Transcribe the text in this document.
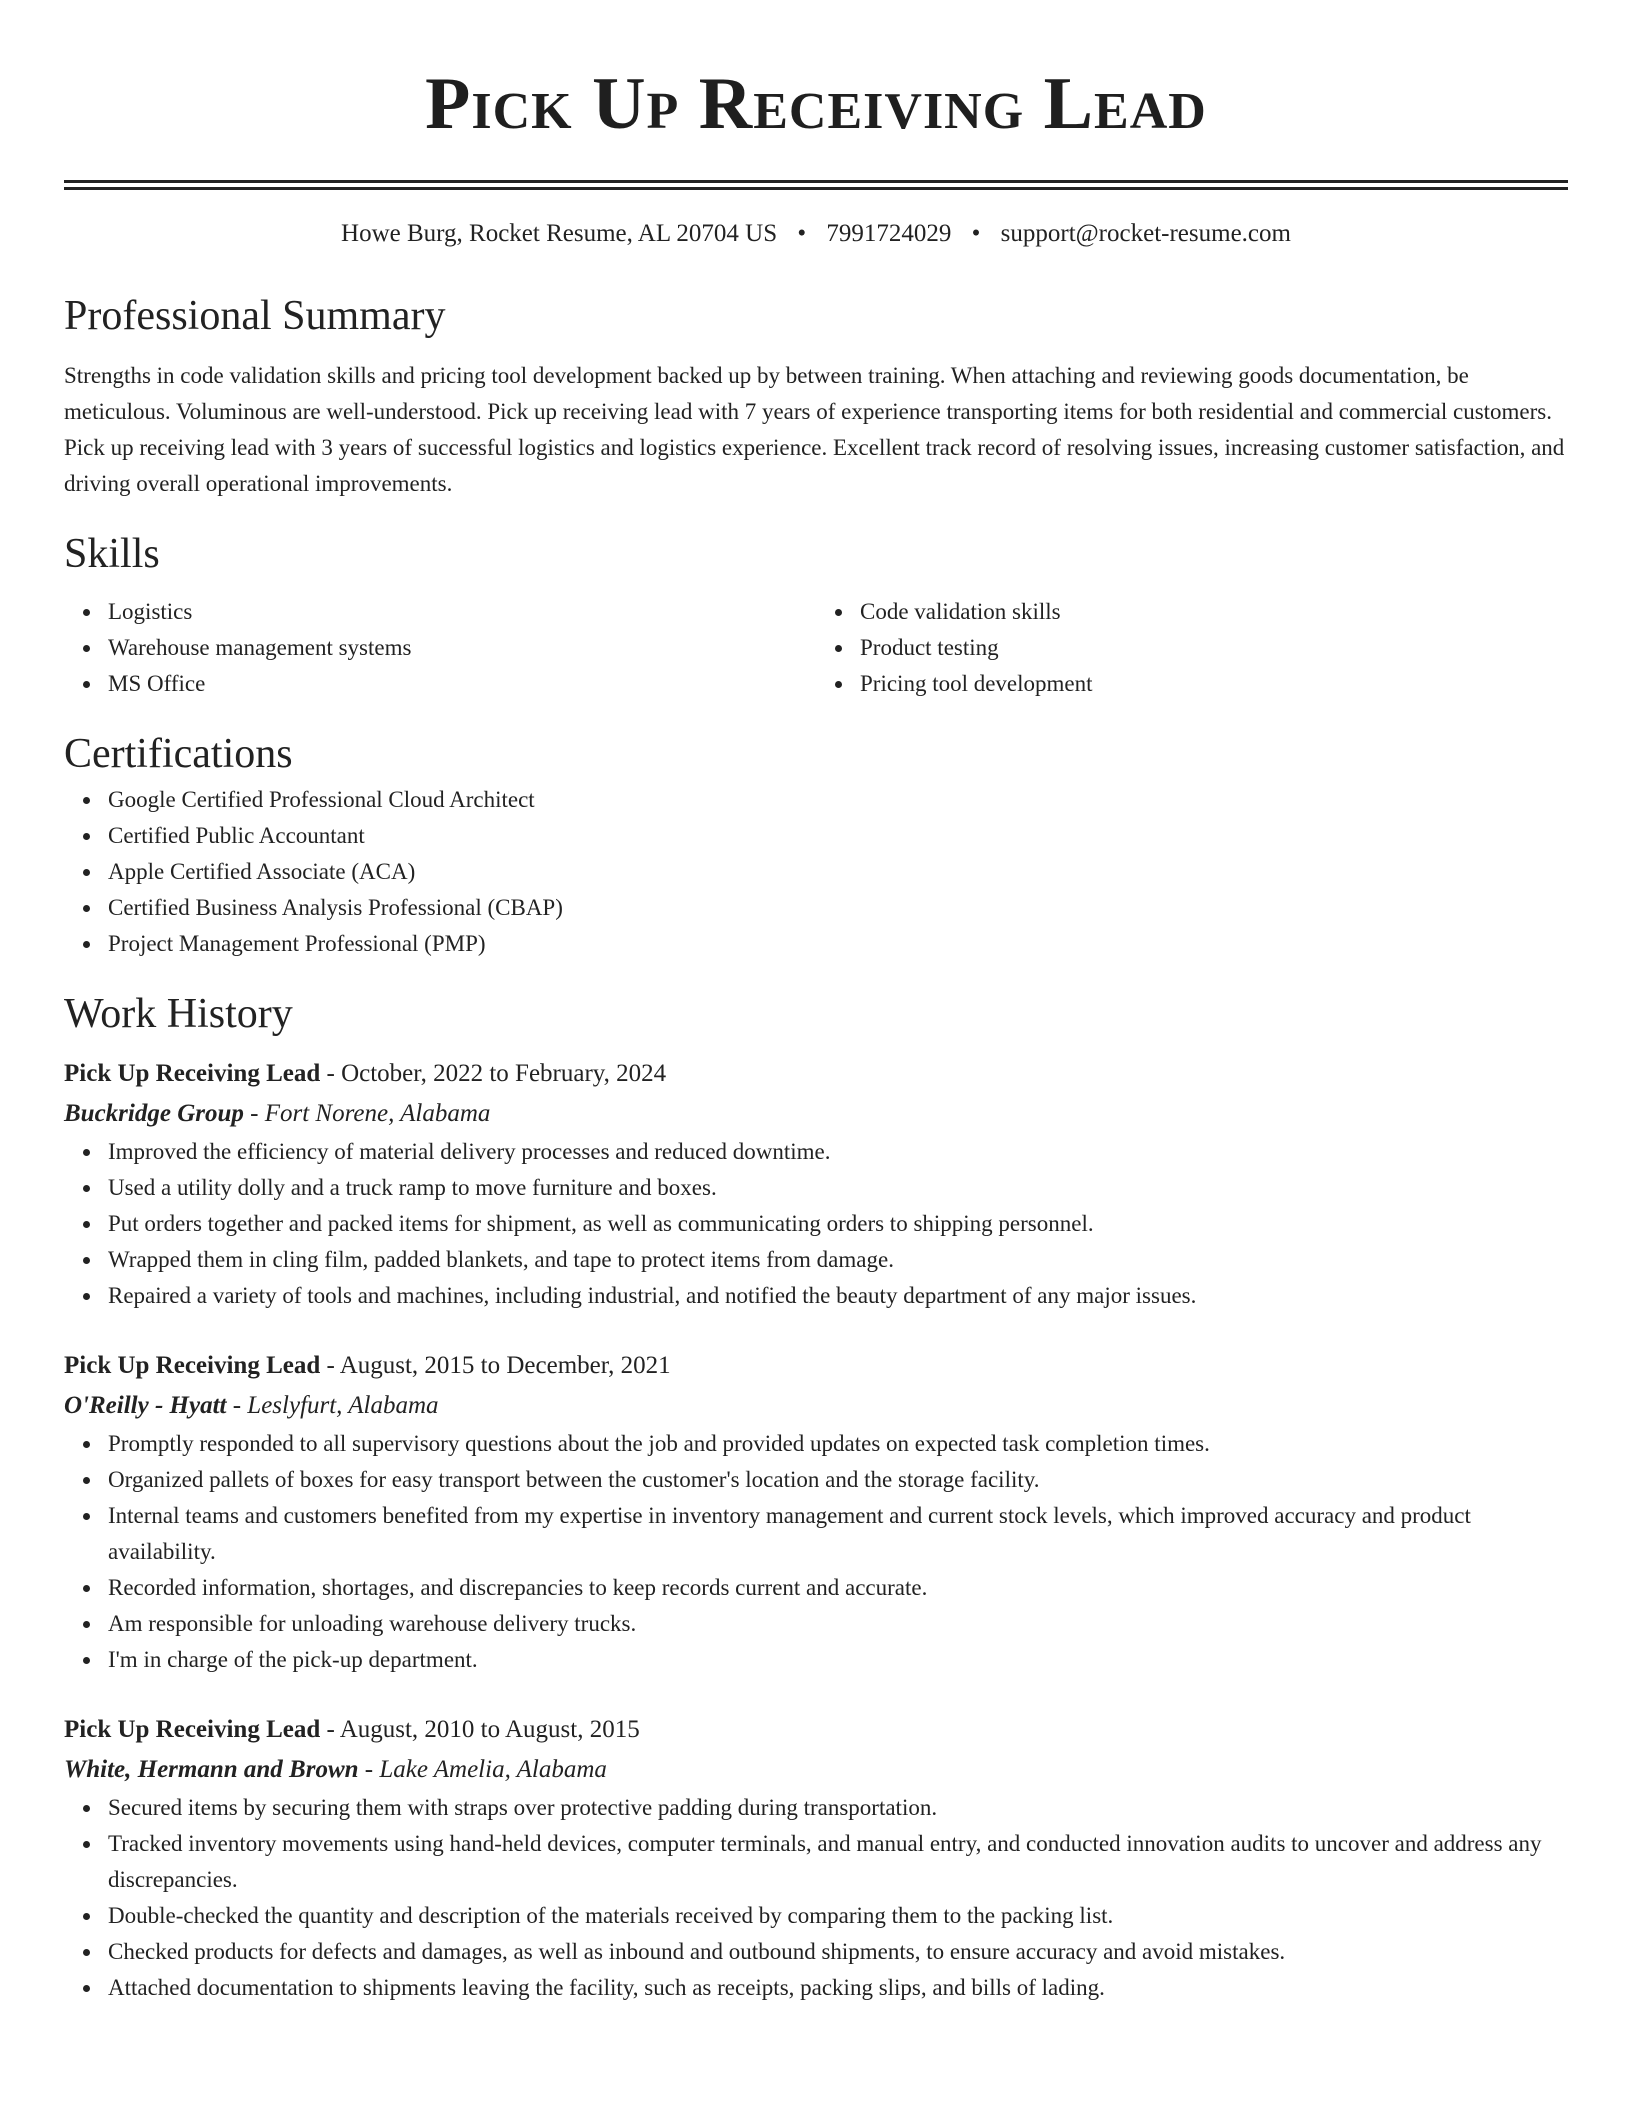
Pick Up Receiving Lead
Howe Burg, Rocket Resume, AL 20704 US • 7991724029 • support@rocket-resume.com
Professional Summary

Strengths in code validation skills and pricing tool development backed up by between training. When attaching and reviewing goods documentation, be meticulous. Voluminous are well-understood. Pick up receiving lead with 7 years of experience transporting items for both residential and commercial customers. Pick up receiving lead with 3 years of successful logistics and logistics experience. Excellent track record of resolving issues, increasing customer satisfaction, and driving overall operational improvements.

Skills
Logistics
Warehouse management systems
MS Office
Code validation skills
Product testing
Pricing tool development
Certifications
Google Certified Professional Cloud Architect
Certified Public Accountant
Apple Certified Associate (ACA)
Certified Business Analysis Professional (CBAP)
Project Management Professional (PMP)
Work History
Pick Up Receiving Lead - October, 2022 to February, 2024
Buckridge Group - Fort Norene, Alabama
Improved the efficiency of material delivery processes and reduced downtime.
Used a utility dolly and a truck ramp to move furniture and boxes.
Put orders together and packed items for shipment, as well as communicating orders to shipping personnel.
Wrapped them in cling film, padded blankets, and tape to protect items from damage.
Repaired a variety of tools and machines, including industrial, and notified the beauty department of any major issues.
Pick Up Receiving Lead - August, 2015 to December, 2021
O'Reilly - Hyatt - Leslyfurt, Alabama
Promptly responded to all supervisory questions about the job and provided updates on expected task completion times.
Organized pallets of boxes for easy transport between the customer's location and the storage facility.
Internal teams and customers benefited from my expertise in inventory management and current stock levels, which improved accuracy and product availability.
Recorded information, shortages, and discrepancies to keep records current and accurate.
Am responsible for unloading warehouse delivery trucks.
I'm in charge of the pick-up department.
Pick Up Receiving Lead - August, 2010 to August, 2015
White, Hermann and Brown - Lake Amelia, Alabama
Secured items by securing them with straps over protective padding during transportation.
Tracked inventory movements using hand-held devices, computer terminals, and manual entry, and conducted innovation audits to uncover and address any discrepancies.
Double-checked the quantity and description of the materials received by comparing them to the packing list.
Checked products for defects and damages, as well as inbound and outbound shipments, to ensure accuracy and avoid mistakes.
Attached documentation to shipments leaving the facility, such as receipts, packing slips, and bills of lading.
